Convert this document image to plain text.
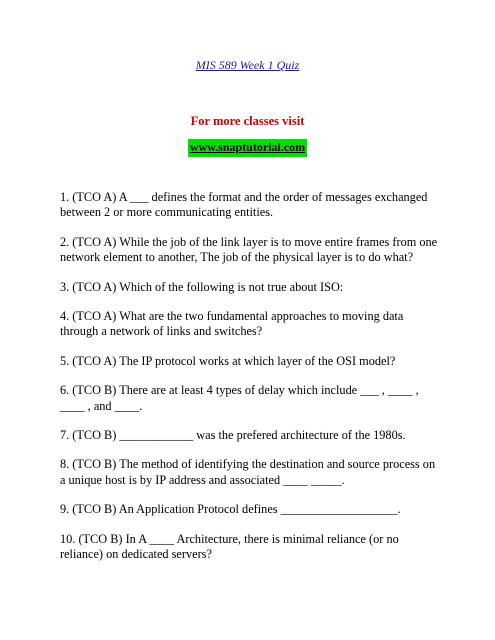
MIS 589 Week 1 Quiz
For more classes visit
www.snaptutorial.com

1. (TCO A) A ___ defines the format and the order of messages exchanged between 2 or more communicating entities.

2. (TCO A) While the job of the link layer is to move entire frames from one network element to another, The job of the physical layer is to do what?

3. (TCO A) Which of the following is not true about ISO:

4. (TCO A) What are the two fundamental approaches to moving data through a network of links and switches?

5. (TCO A) The IP protocol works at which layer of the OSI model?

6. (TCO B) There are at least 4 types of delay which include ___ , ____ , ____ , and ____.

7. (TCO B) ____________ was the prefered architecture of the 1980s.

8. (TCO B) The method of identifying the destination and source process on a unique host is by IP address and associated ____ _____.

9. (TCO B) An Application Protocol defines ___________________.

10. (TCO B) In A ____ Architecture, there is minimal reliance (or no reliance) on dedicated servers?
